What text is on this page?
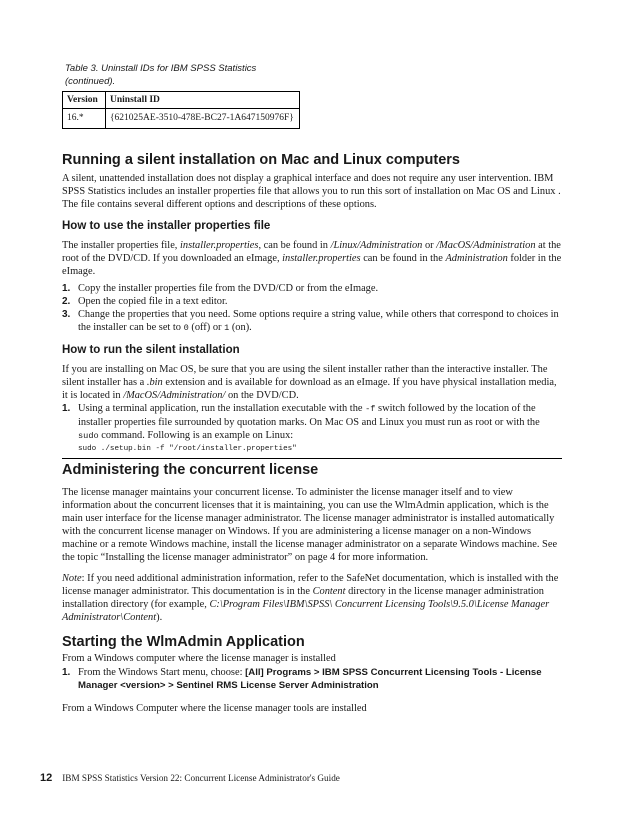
Table 3. Uninstall IDs for IBM SPSS Statistics (continued).
Version	Uninstall ID
16.*	{621025AE-3510-478E-BC27-1A647150976F}
Running a silent installation on Mac and Linux computers

A silent, unattended installation does not display a graphical interface and does not require any user intervention. IBM SPSS Statistics includes an installer properties file that allows you to run this sort of installation on Mac OS and Linux . The file contains several different options and descriptions of these options.

How to use the installer properties file

The installer properties file, installer.properties, can be found in /Linux/Administration or /MacOS/Administration at the root of the DVD/CD. If you downloaded an eImage, installer.properties can be found in the Administration folder in the eImage.

1. Copy the installer properties file from the DVD/CD or from the eImage.
2. Open the copied file in a text editor.
3. Change the properties that you need. Some options require a string value, while others that correspond to choices in the installer can be set to 0 (off) or 1 (on).
How to run the silent installation

If you are installing on Mac OS, be sure that you are using the silent installer rather than the interactive installer. The silent installer has a .bin extension and is available for download as an eImage. If you have physical installation media, it is located in /MacOS/Administration/ on the DVD/CD.

1. Using a terminal application, run the installation executable with the -f switch followed by the location of the installer properties file surrounded by quotation marks. On Mac OS and Linux you must run as root or with the sudo command. Following is an example on Linux:
sudo ./setup.bin -f "/root/installer.properties"
Administering the concurrent license

The license manager maintains your concurrent license. To administer the license manager itself and to view information about the concurrent licenses that it is maintaining, you can use the WlmAdmin application, which is the main user interface for the license manager administrator. The license manager administrator is installed automatically with the concurrent license manager on Windows. If you are administering a license manager on a non-Windows machine or a remote Windows machine, install the license manager administrator on a separate Windows machine. See the topic “Installing the license manager administrator” on page 4 for more information.

Note: If you need additional administration information, refer to the SafeNet documentation, which is installed with the license manager administrator. This documentation is in the Content directory in the license manager administration installation directory (for example, C:\Program Files\IBM\SPSS\ Concurrent Licensing Tools\9.5.0\License Manager Administrator\Content).

Starting the WlmAdmin Application

From a Windows computer where the license manager is installed

1. From the Windows Start menu, choose: [All] Programs > IBM SPSS Concurrent Licensing Tools - License Manager <version> > Sentinel RMS License Server Administration

From a Windows Computer where the license manager tools are installed

12 IBM SPSS Statistics Version 22: Concurrent License Administrator's Guide
